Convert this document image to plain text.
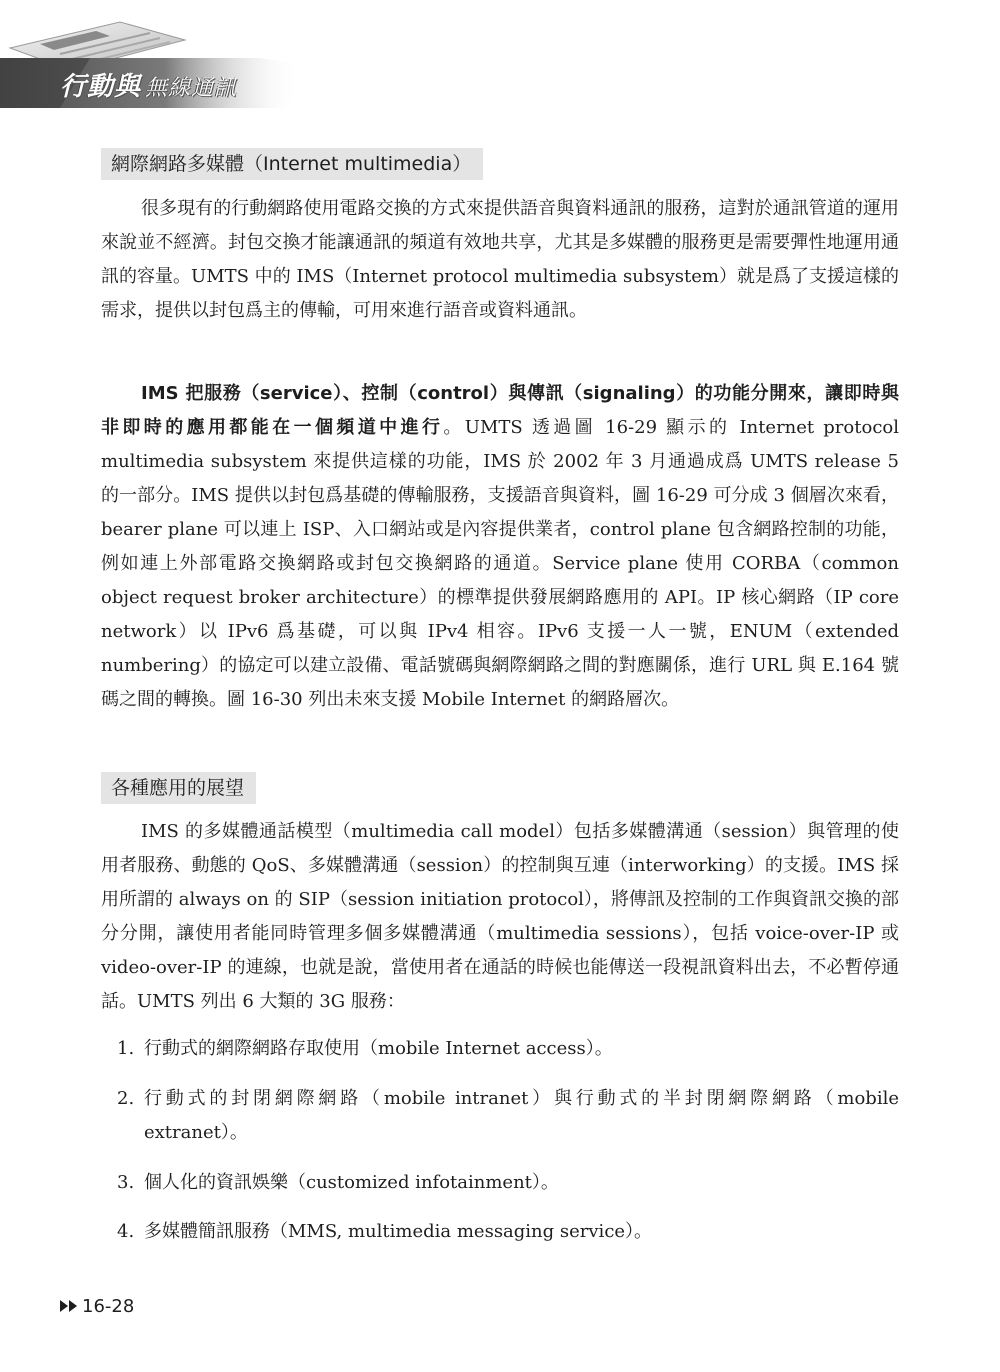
行動與 無線通訊
網際網路多媒體（Internet multimedia）

很多現有的行動網路使用電路交換的方式來提供語音與資料通訊的服務，這對於通訊管道的運用來說並不經濟。封包交換才能讓通訊的頻道有效地共享，尤其是多媒體的服務更是需要彈性地運用通訊的容量。UMTS 中的 IMS（Internet protocol multimedia subsystem）就是爲了支援這樣的需求，提供以封包爲主的傳輸，可用來進行語音或資料通訊。

IMS 把服務（service）、控制（control）與傳訊（signaling）的功能分開來，讓即時與非即時的應用都能在一個頻道中進行。UMTS 透過圖 16-29 顯示的 Internet protocol multimedia subsystem 來提供這樣的功能，IMS 於 2002 年 3 月通過成爲 UMTS release 5 的一部分。IMS 提供以封包爲基礎的傳輸服務，支援語音與資料，圖 16-29 可分成 3 個層次來看，bearer plane 可以連上 ISP、入口網站或是內容提供業者，control plane 包含網路控制的功能，例如連上外部電路交換網路或封包交換網路的通道。Service plane 使用 CORBA（common object request broker architecture）的標準提供發展網路應用的 API。IP 核心網路（IP core network）以 IPv6 爲基礎，可以與 IPv4 相容。IPv6 支援一人一號，ENUM（extended numbering）的協定可以建立設備、電話號碼與網際網路之間的對應關係，進行 URL 與 E.164 號碼之間的轉換。圖 16-30 列出未來支援 Mobile Internet 的網路層次。

各種應用的展望

IMS 的多媒體通話模型（multimedia call model）包括多媒體溝通（session）與管理的使用者服務、動態的 QoS、多媒體溝通（session）的控制與互連（interworking）的支援。IMS 採用所謂的 always on 的 SIP（session initiation protocol），將傳訊及控制的工作與資訊交換的部分分開，讓使用者能同時管理多個多媒體溝通（multimedia sessions），包括 voice-over-IP 或 video-over-IP 的連線，也就是說，當使用者在通話的時候也能傳送一段視訊資料出去，不必暫停通話。UMTS 列出 6 大類的 3G 服務：

1. 行動式的網際網路存取使用（mobile Internet access）。
2. 行動式的封閉網際網路（mobile intranet）與行動式的半封閉網際網路（mobile extranet）。
3. 個人化的資訊娛樂（customized infotainment）。
4. 多媒體簡訊服務（MMS, multimedia messaging service）。
16-28
